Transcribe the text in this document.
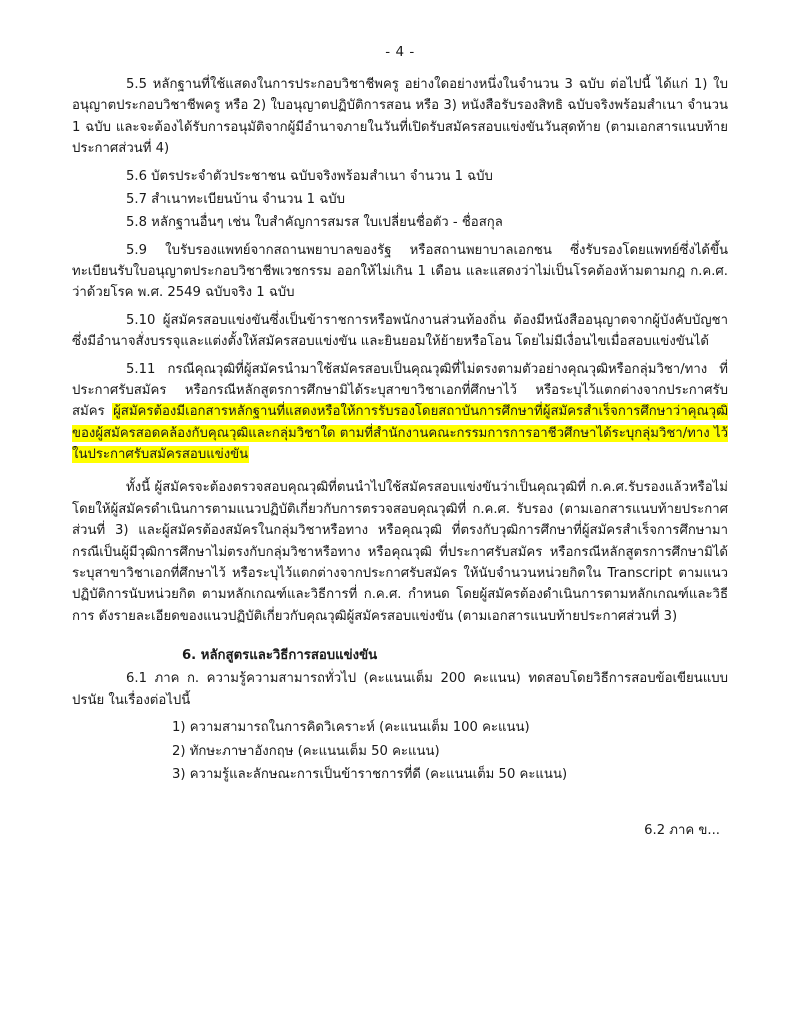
- 4 -

5.5 หลักฐานที่ใช้แสดงในการประกอบวิชาชีพครู อย่างใดอย่างหนึ่งในจำนวน 3 ฉบับ ต่อไปนี้ ได้แก่ 1) ใบอนุญาตประกอบวิชาชีพครู หรือ 2) ใบอนุญาตปฏิบัติการสอน หรือ 3) หนังสือรับรองสิทธิ ฉบับจริงพร้อมสำเนา จำนวน 1 ฉบับ และจะต้องได้รับการอนุมัติจากผู้มีอำนาจภายในวันที่เปิดรับสมัครสอบแข่งขันวันสุดท้าย (ตามเอกสารแนบท้ายประกาศส่วนที่ 4)

5.6 บัตรประจำตัวประชาชน ฉบับจริงพร้อมสำเนา จำนวน 1 ฉบับ

5.7 สำเนาทะเบียนบ้าน จำนวน 1 ฉบับ

5.8 หลักฐานอื่นๆ เช่น ใบสำคัญการสมรส ใบเปลี่ยนชื่อตัว - ชื่อสกุล

5.9 ใบรับรองแพทย์จากสถานพยาบาลของรัฐ หรือสถานพยาบาลเอกชน ซึ่งรับรองโดยแพทย์ซึ่งได้ขึ้นทะเบียนรับใบอนุญาตประกอบวิชาชีพเวชกรรม ออกให้ไม่เกิน 1 เดือน และแสดงว่าไม่เป็นโรคต้องห้ามตามกฎ ก.ค.ศ. ว่าด้วยโรค พ.ศ. 2549 ฉบับจริง 1 ฉบับ

5.10 ผู้สมัครสอบแข่งขันซึ่งเป็นข้าราชการหรือพนักงานส่วนท้องถิ่น ต้องมีหนังสืออนุญาตจากผู้บังคับบัญชา ซึ่งมีอำนาจสั่งบรรจุและแต่งตั้งให้สมัครสอบแข่งขัน และยินยอมให้ย้ายหรือโอน โดยไม่มีเงื่อนไขเมื่อสอบแข่งขันได้

5.11 กรณีคุณวุฒิที่ผู้สมัครนำมาใช้สมัครสอบเป็นคุณวุฒิที่ไม่ตรงตามตัวอย่างคุณวุฒิหรือกลุ่มวิชา/ทาง ที่ประกาศรับสมัคร หรือกรณีหลักสูตรการศึกษามิได้ระบุสาขาวิชาเอกที่ศึกษาไว้ หรือระบุไว้แตกต่างจากประกาศรับสมัคร ผู้สมัครต้องมีเอกสารหลักฐานที่แสดงหรือให้การรับรองโดยสถาบันการศึกษาที่ผู้สมัครสำเร็จการศึกษาว่าคุณวุฒิของผู้สมัครสอดคล้องกับคุณวุฒิและกลุ่มวิชาใด ตามที่สำนักงานคณะกรรมการการอาชีวศึกษาได้ระบุกลุ่มวิชา/ทาง ไว้ในประกาศรับสมัครสอบแข่งขัน

ทั้งนี้ ผู้สมัครจะต้องตรวจสอบคุณวุฒิที่ตนนำไปใช้สมัครสอบแข่งขันว่าเป็นคุณวุฒิที่ ก.ค.ศ.รับรองแล้วหรือไม่ โดยให้ผู้สมัครดำเนินการตามแนวปฏิบัติเกี่ยวกับการตรวจสอบคุณวุฒิที่ ก.ค.ศ. รับรอง (ตามเอกสารแนบท้ายประกาศส่วนที่ 3) และผู้สมัครต้องสมัครในกลุ่มวิชาหรือทาง หรือคุณวุฒิ ที่ตรงกับวุฒิการศึกษาที่ผู้สมัครสำเร็จการศึกษามา กรณีเป็นผู้มีวุฒิการศึกษาไม่ตรงกับกลุ่มวิชาหรือทาง หรือคุณวุฒิ ที่ประกาศรับสมัคร หรือกรณีหลักสูตรการศึกษามิได้ระบุสาขาวิชาเอกที่ศึกษาไว้ หรือระบุไว้แตกต่างจากประกาศรับสมัคร ให้นับจำนวนหน่วยกิตใน Transcript ตามแนวปฏิบัติการนับหน่วยกิต ตามหลักเกณฑ์และวิธีการที่ ก.ค.ศ. กำหนด โดยผู้สมัครต้องดำเนินการตามหลักเกณฑ์และวิธีการ ดังรายละเอียดของแนวปฏิบัติเกี่ยวกับคุณวุฒิผู้สมัครสอบแข่งขัน (ตามเอกสารแนบท้ายประกาศส่วนที่ 3)

6. หลักสูตรและวิธีการสอบแข่งขัน

6.1 ภาค ก. ความรู้ความสามารถทั่วไป (คะแนนเต็ม 200 คะแนน) ทดสอบโดยวิธีการสอบข้อเขียนแบบปรนัย ในเรื่องต่อไปนี้

1) ความสามารถในการคิดวิเคราะห์ (คะแนนเต็ม 100 คะแนน)

2) ทักษะภาษาอังกฤษ (คะแนนเต็ม 50 คะแนน)

3) ความรู้และลักษณะการเป็นข้าราชการที่ดี (คะแนนเต็ม 50 คะแนน)

6.2 ภาค ข...
